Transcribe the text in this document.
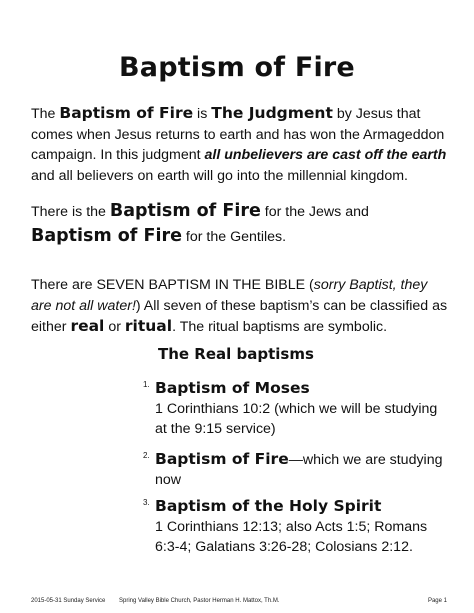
Baptism of Fire
The Baptism of Fire is The Judgment by Jesus that comes when Jesus returns to earth and has won the Armageddon campaign. In this judgment all unbelievers are cast off the earth and all believers on earth will go into the millennial kingdom.
There is the Baptism of Fire for the Jews and Baptism of Fire for the Gentiles.
There are SEVEN BAPTISM IN THE BIBLE (sorry Baptist, they are not all water!) All seven of these baptism’s can be classified as either real or ritual. The ritual baptisms are symbolic.
The Real baptisms
1. Baptism of Moses
1 Corinthians 10:2 (which we will be studying at the 9:15 service)
2. Baptism of Fire—which we are studying now
3. Baptism of the Holy Spirit
1 Corinthians 12:13; also Acts 1:5; Romans 6:3-4; Galatians 3:26-28; Colosians 2:12.
2015-05-31 Sunday Service Spring Valley Bible Church, Pastor Herman H. Mattox, Th.M.	Page 1
